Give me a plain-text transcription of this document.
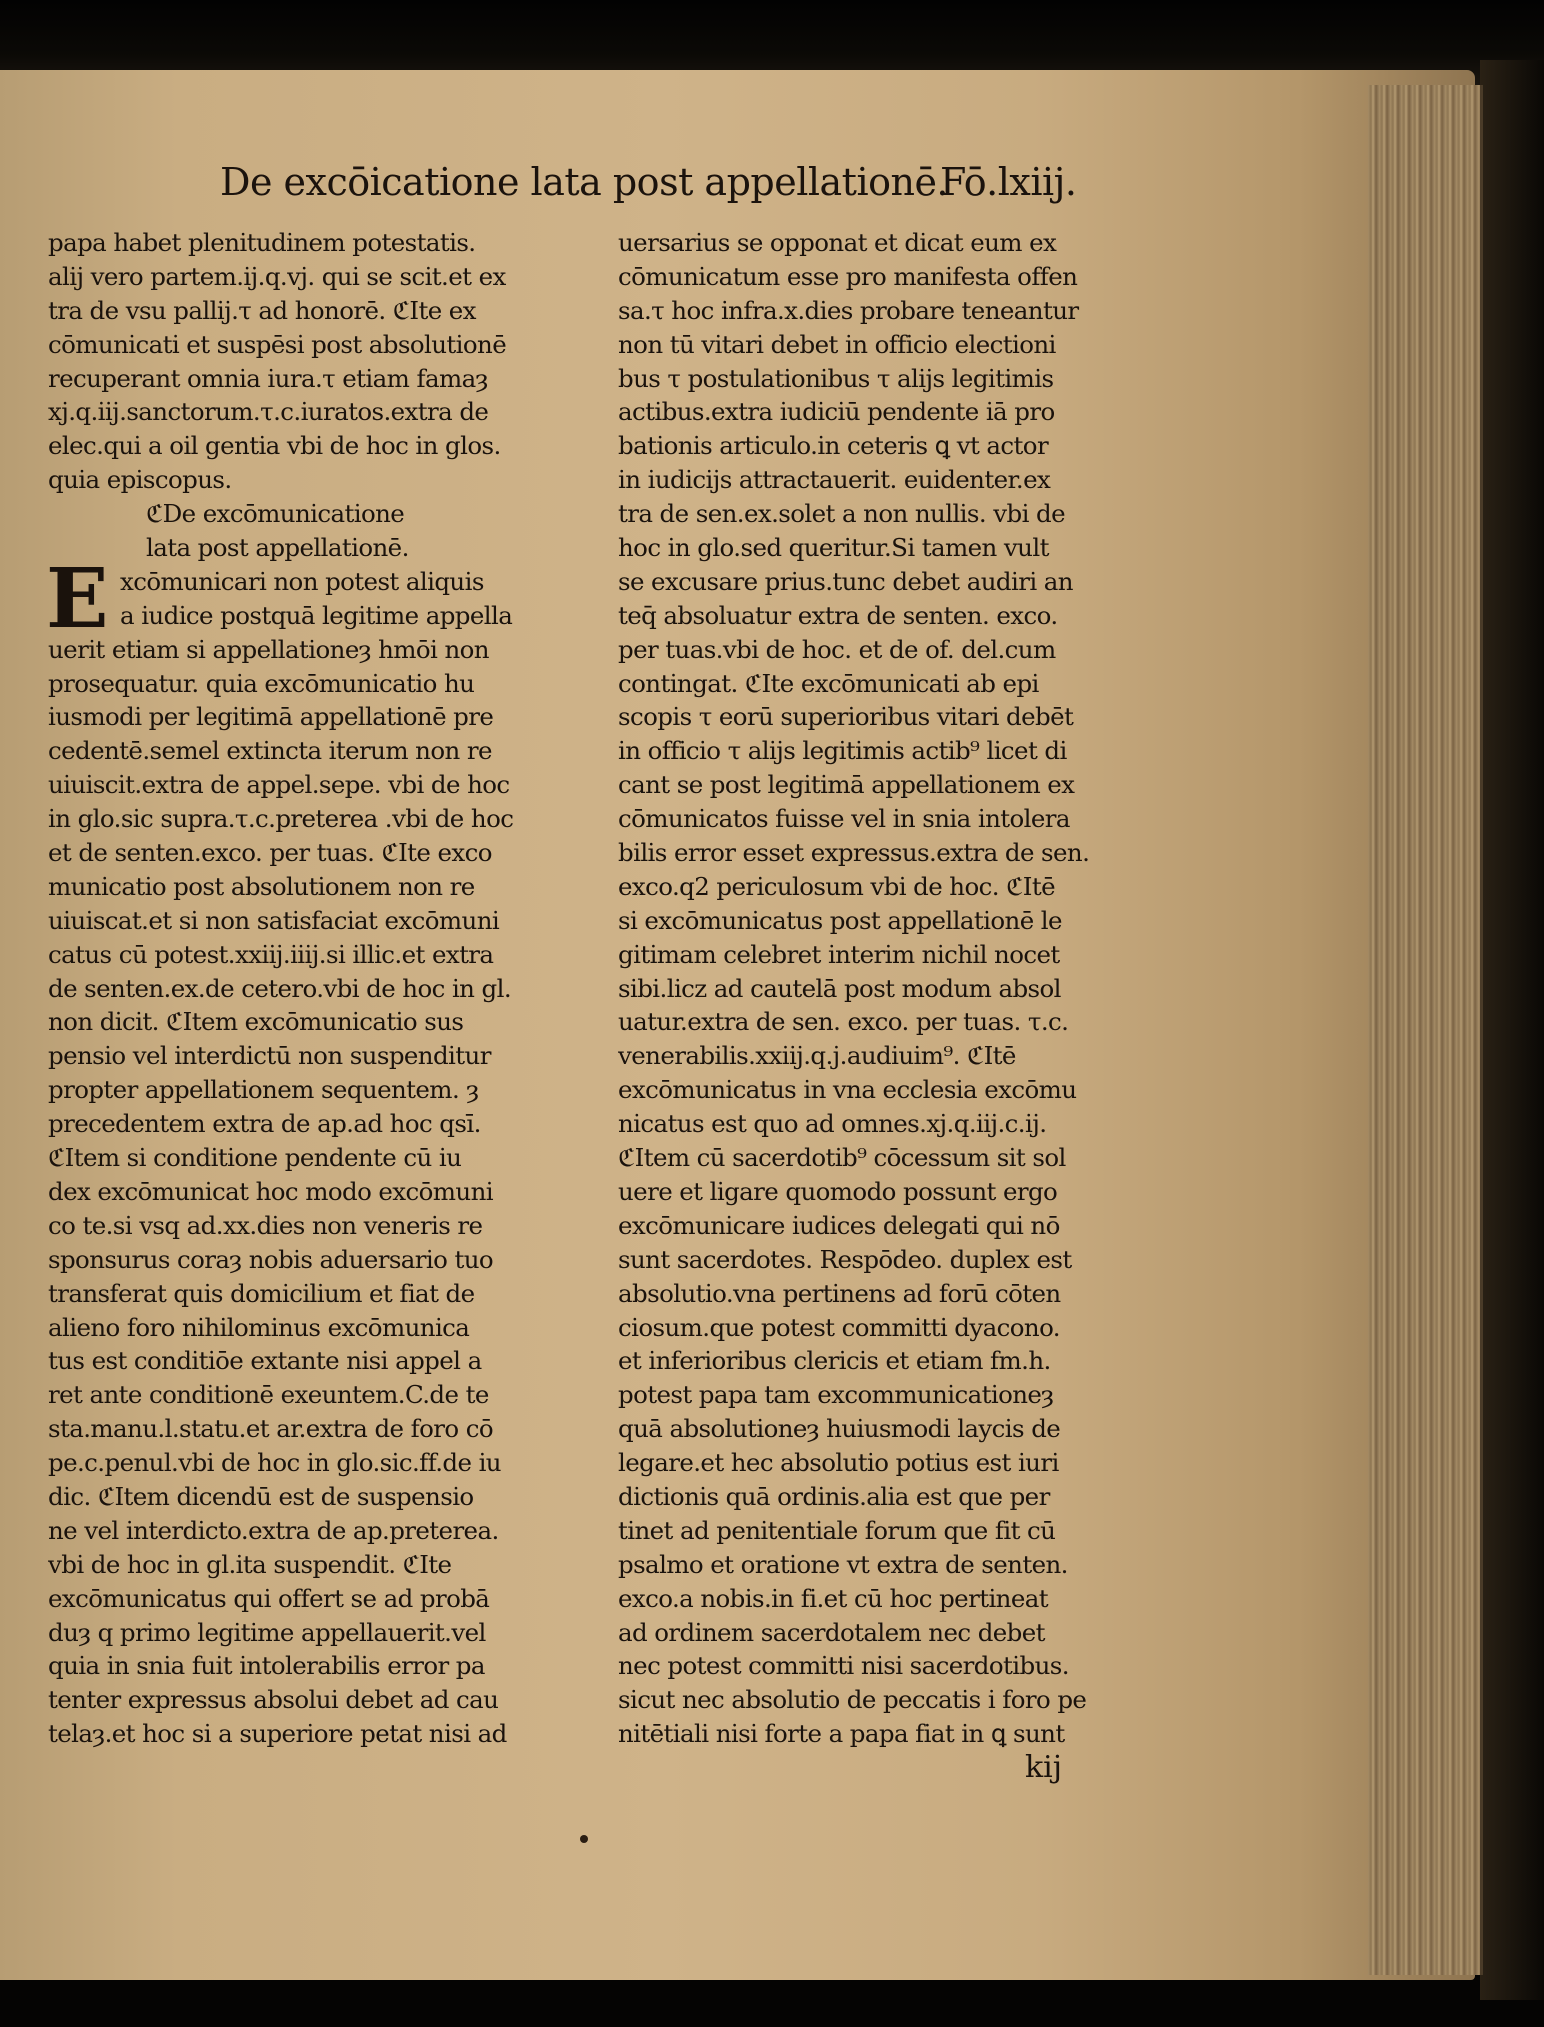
De excōicatione lata post appellationē.
Fō.lxiij.
papa habet plenitudinem potestatis.
alij vero partem.ij.q.vj. qui se scit.et ex
tra de vsu pallij.τ ad honorē. ℭIte ex
cōmunicati et suspēsi post absolutionē
recuperant omnia iura.τ etiam famaȝ
xj.q.iij.sanctorum.τ.c.iuratos.extra de
elec.qui a oil gentia vbi de hoc in glos.
quia episcopus.
ℭDe excōmunicatione
lata post appellationē.
xcōmunicari non potest aliquis
a iudice postquā legitime appella
uerit etiam si appellationeȝ hmōi non
prosequatur. quia excōmunicatio hu
iusmodi per legitimā appellationē pre
cedentē.semel extincta iterum non re
uiuiscit.extra de appel.sepe. vbi de hoc
in glo.sic supra.τ.c.preterea .vbi de hoc
et de senten.exco. per tuas. ℭIte exco
municatio post absolutionem non re
uiuiscat.et si non satisfaciat excōmuni
catus cū potest.xxiij.iiij.si illic.et extra
de senten.ex.de cetero.vbi de hoc in gl.
non dicit. ℭItem excōmunicatio sus
pensio vel interdictū non suspenditur
propter appellationem sequentem. ȝ
precedentem extra de ap.ad hoc qsī.
ℭItem si conditione pendente cū iu
dex excōmunicat hoc modo excōmuni
co te.si vsq ad.xx.dies non veneris re
sponsurus coraȝ nobis aduersario tuo
transferat quis domicilium et fiat de
alieno foro nihilominus excōmunica
tus est conditiōe extante nisi appel a
ret ante conditionē exeuntem.C.de te
sta.manu.l.statu.et ar.extra de foro cō
pe.c.penul.vbi de hoc in glo.sic.ff.de iu
dic. ℭItem dicendū est de suspensio
ne vel interdicto.extra de ap.preterea.
vbi de hoc in gl.ita suspendit. ℭIte
excōmunicatus qui offert se ad probā
duȝ q primo legitime appellauerit.vel
quia in snia fuit intolerabilis error pa
tenter expressus absolui debet ad cau
telaȝ.et hoc si a superiore petat nisi ad
E
uersarius se opponat et dicat eum ex
cōmunicatum esse pro manifesta offen
sa.τ hoc infra.x.dies probare teneantur
non tū vitari debet in officio electioni
bus τ postulationibus τ alijs legitimis
actibus.extra iudiciū pendente iā pro
bationis articulo.in ceteris ꝗ vt actor
in iudicijs attractauerit. euidenter.ex
tra de sen.ex.solet a non nullis. vbi de
hoc in glo.sed queritur.Si tamen vult
se excusare prius.tunc debet audiri an
teq̄ absoluatur extra de senten. exco.
per tuas.vbi de hoc. et de of. del.cum
contingat. ℭIte excōmunicati ab epi
scopis τ eorū superioribus vitari debēt
in officio τ alijs legitimis actib⁹ licet di
cant se post legitimā appellationem ex
cōmunicatos fuisse vel in snia intolera
bilis error esset expressus.extra de sen.
exco.q2 periculosum vbi de hoc. ℭItē
si excōmunicatus post appellationē le
gitimam celebret interim nichil nocet
sibi.licz ad cautelā post modum absol
uatur.extra de sen. exco. per tuas. τ.c.
venerabilis.xxiij.q.j.audiuim⁹. ℭItē
excōmunicatus in vna ecclesia excōmu
nicatus est quo ad omnes.xj.q.iij.c.ij.
ℭItem cū sacerdotib⁹ cōcessum sit sol
uere et ligare quomodo possunt ergo
excōmunicare iudices delegati qui nō
sunt sacerdotes. Respōdeo. duplex est
absolutio.vna pertinens ad forū cōten
ciosum.que potest committi dyacono.
et inferioribus clericis et etiam fm.h.
potest papa tam excommunicationeȝ
quā absolutioneȝ huiusmodi laycis de
legare.et hec absolutio potius est iuri
dictionis quā ordinis.alia est que per
tinet ad penitentiale forum que fit cū
psalmo et oratione vt extra de senten.
exco.a nobis.in fi.et cū hoc pertineat
ad ordinem sacerdotalem nec debet
nec potest committi nisi sacerdotibus.
sicut nec absolutio de peccatis i foro pe
nitētiali nisi forte a papa fiat in ꝗ sunt
kij
